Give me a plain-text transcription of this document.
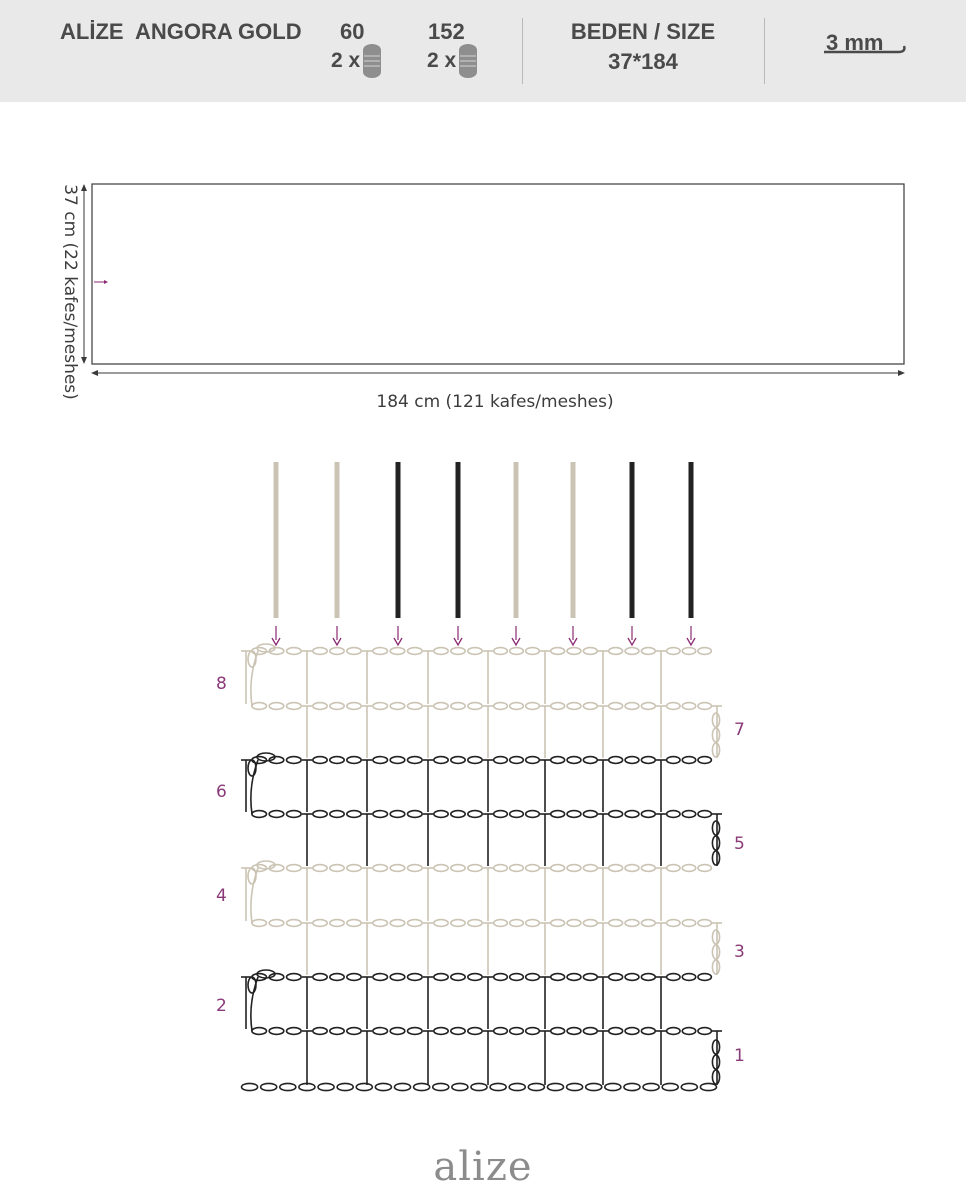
ALİZE ANGORA GOLD 60
2 x
152
2 x
BEDEN / SIZE
37*184
3 mm
37 cm (22 kafes/meshes)
184 cm (121 kafes/meshes)
1
2
3
4
5
6
7
8
alize
